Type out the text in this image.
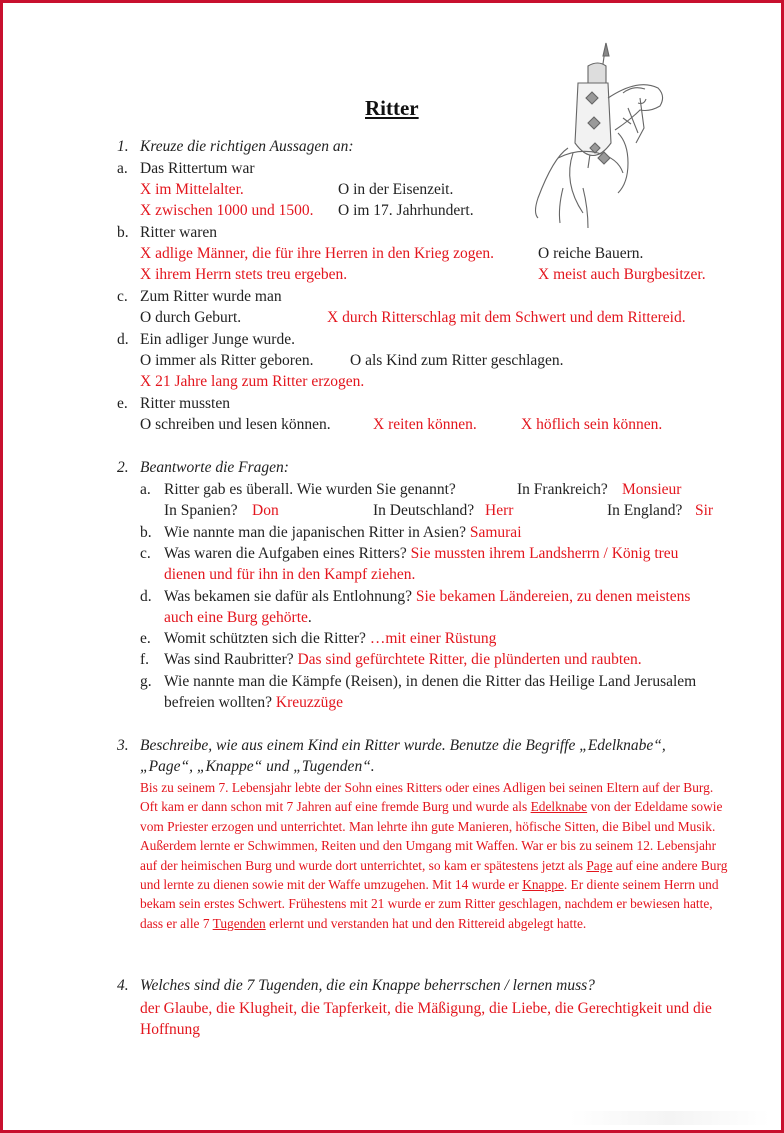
Ritter
1. Kreuze die richtigen Aussagen an:
a. Das Rittertum war
X im Mittelalter.	O in der Eisenzeit.
X zwischen 1000 und 1500. O im 17. Jahrhundert.
b. Ritter waren
X adlige Männer, die für ihre Herren in den Krieg zogen.	O reiche Bauern.
X ihrem Herrn stets treu ergeben.	X meist auch Burgbesitzer.
c. Zum Ritter wurde man
O durch Geburt.	X durch Ritterschlag mit dem Schwert und dem Rittereid.
d. Ein adliger Junge wurde.
O immer als Ritter geboren. O als Kind zum Ritter geschlagen.
X 21 Jahre lang zum Ritter erzogen.
e. Ritter mussten
O schreiben und lesen können.	X reiten können.	X höflich sein können.
2. Beantworte die Fragen:
a. Ritter gab es überall. Wie wurden Sie genannt?	In Frankreich? Monsieur
In Spanien? Don	In Deutschland? Herr	In England? Sir
b. Wie nannte man die japanischen Ritter in Asien? Samurai
c. Was waren die Aufgaben eines Ritters? Sie mussten ihrem Landsherrn / König treu
dienen und für ihn in den Kampf ziehen.
d. Was bekamen sie dafür als Entlohnung? Sie bekamen Ländereien, zu denen meistens
auch eine Burg gehörte.
e. Womit schützten sich die Ritter? …mit einer Rüstung
f. Was sind Raubritter? Das sind gefürchtete Ritter, die plünderten und raubten.
g. Wie nannte man die Kämpfe (Reisen), in denen die Ritter das Heilige Land Jerusalem
befreien wollten? Kreuzzüge
3. Beschreibe, wie aus einem Kind ein Ritter wurde. Benutze die Begriffe „Edelknabe“,
„Page“, „Knappe“ und „Tugenden“.
Bis zu seinem 7. Lebensjahr lebte der Sohn eines Ritters oder eines Adligen bei seinen Eltern auf der Burg. Oft kam er dann schon mit 7 Jahren auf eine fremde Burg und wurde als Edelknabe von der Edeldame sowie vom Priester erzogen und unterrichtet. Man lehrte ihn gute Manieren, höfische Sitten, die Bibel und Musik. Außerdem lernte er Schwimmen, Reiten und den Umgang mit Waffen. War er bis zu seinem 12. Lebensjahr auf der heimischen Burg und wurde dort unterrichtet, so kam er spätestens jetzt als Page auf eine andere Burg und lernte zu dienen sowie mit der Waffe umzugehen. Mit 14 wurde er Knappe. Er diente seinem Herrn und bekam sein erstes Schwert. Frühestens mit 21 wurde er zum Ritter geschlagen, nachdem er bewiesen hatte, dass er alle 7 Tugenden erlernt und verstanden hat und den Rittereid abgelegt hatte.
4. Welches sind die 7 Tugenden, die ein Knappe beherrschen / lernen muss?
der Glaube, die Klugheit, die Tapferkeit, die Mäßigung, die Liebe, die Gerechtigkeit und die Hoffnung
